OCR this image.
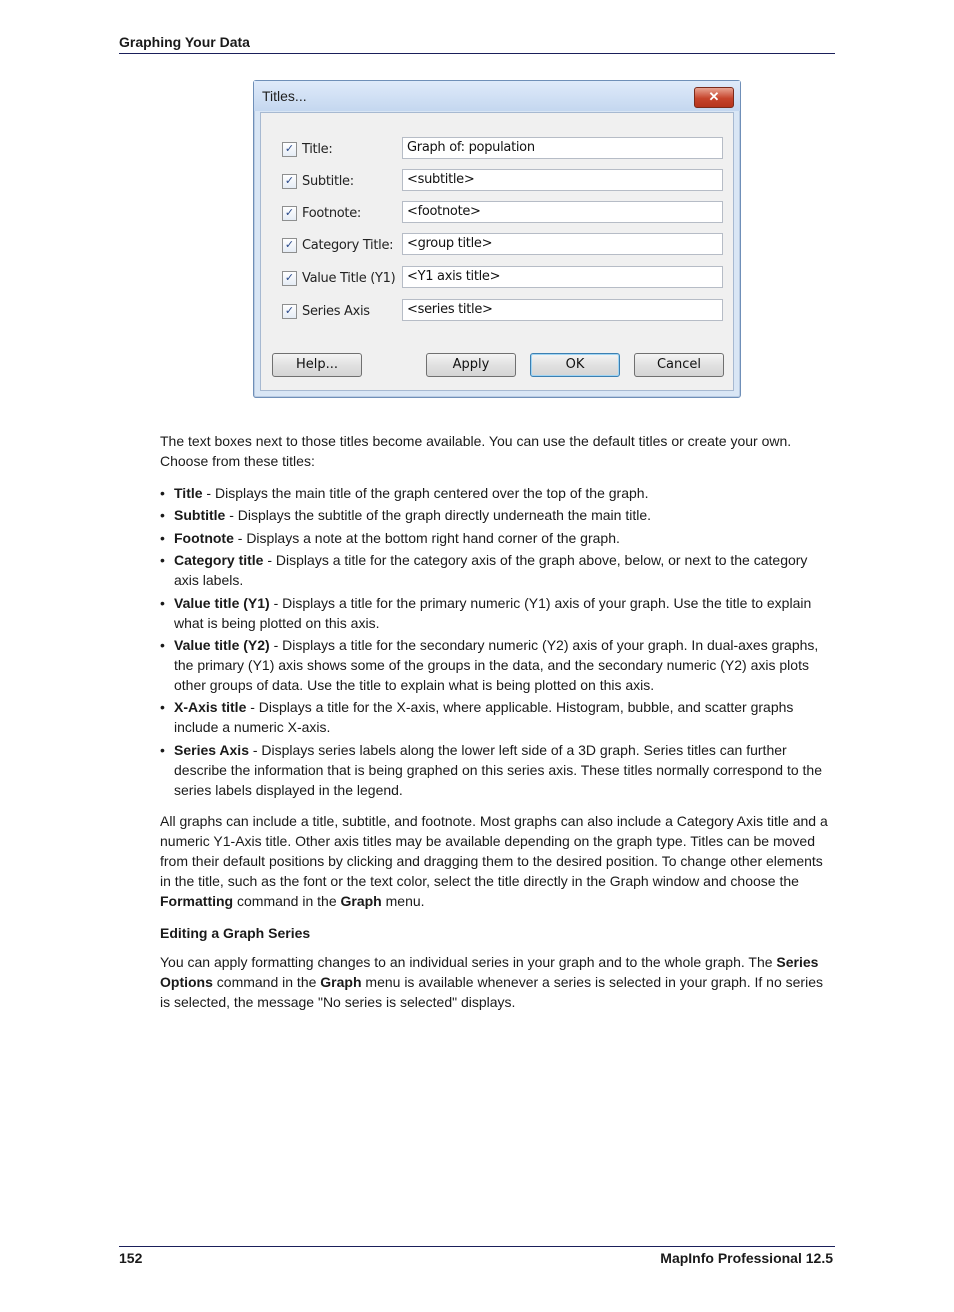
Graphing Your Data
Titles...	✕
✓ Title:	Graph of: population
✓ Subtitle:	<subtitle>
✓ Footnote:	<footnote>
✓ Category Title:	<group title>
✓ Value Title (Y1) <Y1 axis title>
✓ Series Axis	<series title>
Help...	Apply	OK	Cancel

The text boxes next to those titles become available. You can use the default titles or create your own. Choose from these titles:

• Title - Displays the main title of the graph centered over the top of the graph.
• Subtitle - Displays the subtitle of the graph directly underneath the main title.
• Footnote - Displays a note at the bottom right hand corner of the graph.
• Category title - Displays a title for the category axis of the graph above, below, or next to the category axis labels.
• Value title (Y1) - Displays a title for the primary numeric (Y1) axis of your graph. Use the title to explain what is being plotted on this axis.
• Value title (Y2) - Displays a title for the secondary numeric (Y2) axis of your graph. In dual-axes graphs, the primary (Y1) axis shows some of the groups in the data, and the secondary numeric (Y2) axis plots other groups of data. Use the title to explain what is being plotted on this axis.
• X-Axis title - Displays a title for the X-axis, where applicable. Histogram, bubble, and scatter graphs include a numeric X-axis.
• Series Axis - Displays series labels along the lower left side of a 3D graph. Series titles can further describe the information that is being graphed on this series axis. These titles normally correspond to the series labels displayed in the legend.

All graphs can include a title, subtitle, and footnote. Most graphs can also include a Category Axis title and a numeric Y1-Axis title. Other axis titles may be available depending on the graph type. Titles can be moved from their default positions by clicking and dragging them to the desired position. To change other elements in the title, such as the font or the text color, select the title directly in the Graph window and choose the Formatting command in the Graph menu.

Editing a Graph Series

You can apply formatting changes to an individual series in your graph and to the whole graph. The Series Options command in the Graph menu is available whenever a series is selected in your graph. If no series is selected, the message "No series is selected" displays.

152	MapInfo Professional 12.5
